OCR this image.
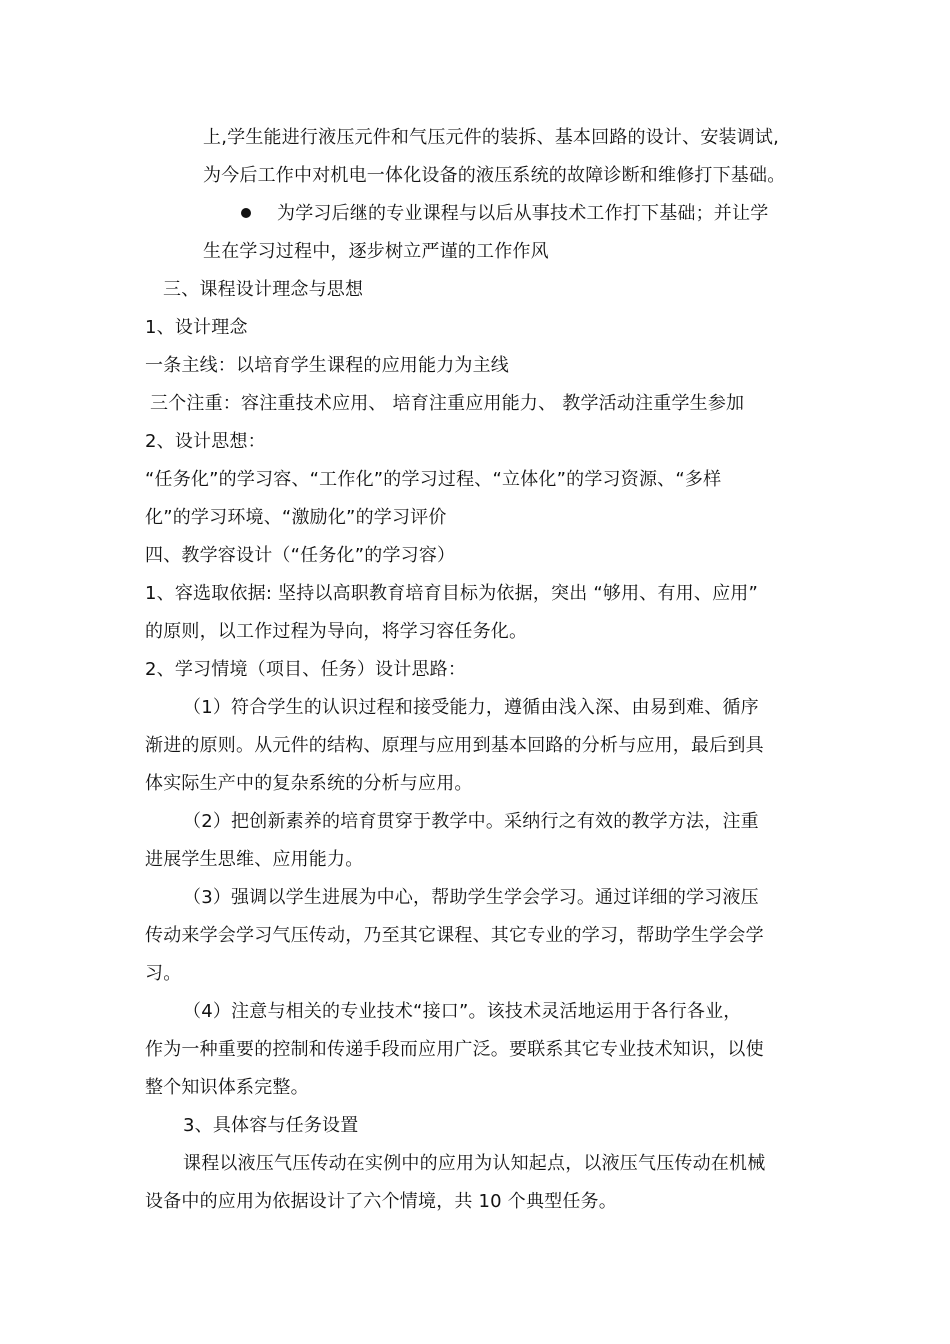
上,学生能进行液压元件和气压元件的装拆、基本回路的设计、安装调试,

为今后工作中对机电一体化设备的液压系统的故障诊断和维修打下基础。

为学习后继的专业课程与以后从事技术工作打下基础；并让学

生在学习过程中，逐步树立严谨的工作作风

三、课程设计理念与思想

1、设计理念

一条主线：以培育学生课程的应用能力为主线

三个注重：容注重技术应用、 培育注重应用能力、 教学活动注重学生参加

2、设计思想：

“任务化”的学习容、“工作化”的学习过程、“立体化”的学习资源、“多样

化”的学习环境、“激励化”的学习评价

四、教学容设计（“任务化”的学习容）

1、容选取依据: 坚持以高职教育培育目标为依据，突出 “够用、有用、应用”

的原则，以工作过程为导向，将学习容任务化。

2、学习情境（项目、任务）设计思路：

（1）符合学生的认识过程和接受能力，遵循由浅入深、由易到难、循序

渐进的原则。从元件的结构、原理与应用到基本回路的分析与应用，最后到具

体实际生产中的复杂系统的分析与应用。

（2）把创新素养的培育贯穿于教学中。采纳行之有效的教学方法，注重

进展学生思维、应用能力。

（3）强调以学生进展为中心，帮助学生学会学习。通过详细的学习液压

传动来学会学习气压传动，乃至其它课程、其它专业的学习，帮助学生学会学

习。

（4）注意与相关的专业技术“接口”。该技术灵活地运用于各行各业，

作为一种重要的控制和传递手段而应用广泛。要联系其它专业技术知识，以使

整个知识体系完整。

3、具体容与任务设置

课程以液压气压传动在实例中的应用为认知起点，以液压气压传动在机械

设备中的应用为依据设计了六个情境，共 10 个典型任务。
